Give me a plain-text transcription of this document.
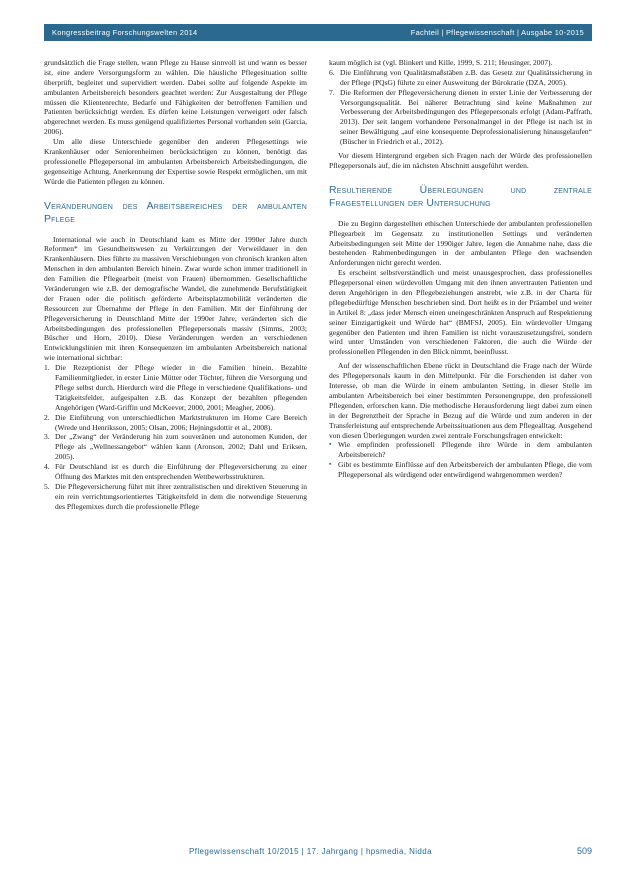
Kongressbeitrag Forschungswelten 2014	Fachteil | Pflegewissenschaft | Ausgabe 10-2015

grundsätzlich die Frage stellen, wann Pflege zu Hause sinnvoll ist und wann es besser ist, eine andere Versorgungsform zu wählen. Die häusliche Pflegesituation sollte überprüft, begleitet und supervidiert werden. Dabei sollte auf folgende Aspekte im ambulanten Arbeitsbereich besonders geachtet werden: Zur Ausgestaltung der Pflege müssen die Klientenrechte, Bedarfe und Fähigkeiten der betroffenen Familien und Patienten berücksichtigt werden. Es dürfen keine Leistungen verweigert oder falsch abgerechnet werden. Es muss genügend qualifiziertes Personal vorhanden sein (Garcia, 2006).

Um alle diese Unterschiede gegenüber den anderen Pflegesettings wie Krankenhäuser oder Seniorenheimen berücksichtigen zu können, benötigt das professionelle Pflegepersonal im ambulanten Arbeitsbereich Arbeitsbedingungen, die gegenseitige Achtung, Anerkennung der Expertise sowie Respekt ermöglichen, um mit Würde die Patienten pflegen zu können.

Veränderungen des Arbeitsbereiches der ambulanten Pflege

International wie auch in Deutschland kam es Mitte der 1990er Jahre durch Reformen* im Gesundheitswesen zu Verkürzungen der Verweildauer in den Krankenhäusern. Dies führte zu massiven Verschiebungen von chronisch kranken alten Menschen in den ambulanten Bereich hinein. Zwar wurde schon immer traditionell in den Familien die Pflegearbeit (meist von Frauen) übernommen. Gesellschaftliche Veränderungen wie z.B. der demografische Wandel, die zunehmende Berufstätigkeit der Frauen oder die politisch geförderte Arbeitsplatzmobilität veränderten die Ressourcen zur Übernahme der Pflege in den Familien. Mit der Einführung der Pflegeversicherung in Deutschland Mitte der 1990er Jahre, veränderten sich die Arbeitsbedingungen des professionellen Pflegepersonals massiv (Simms, 2003; Büscher und Horn, 2010). Diese Veränderungen werden an verschiedenen Entwicklungslinien mit ihren Konsequenzen im ambulanten Arbeitsbereich national wie international sichtbar:

Die Rezeptionist der Pflege wieder in die Familien hinein. Bezahlte Familienmitglieder, in erster Linie Mütter oder Töchter, führen die Versorgung und Pflege selbst durch. Hierdurch wird die Pflege in verschiedene Qualifikations- und Tätigkeitsfelder, aufgespalten z.B. das Konzept der bezahlten pflegenden Angehörigen (Ward-Griffin und McKeever, 2000, 2001; Meagher, 2006).
Die Einführung von unterschiedlichen Marktstrukturen im Home Care Bereich (Wrede und Henriksson, 2005; Olsan, 2006; Hejningsdottir et al., 2008).
Der „Zwang“ der Veränderung hin zum souveränen und autonomen Kunden, der Pflege als „Wellnessangebot“ wählen kann (Aronson, 2002; Dahl und Eriksen, 2005).
Für Deutschland ist es durch die Einführung der Pflegeversicherung zu einer Öffnung des Marktes mit den entsprechenden Wettbewerbsstrukturen.
Die Pflegeversicherung führt mit ihrer zentralistischen und direktiven Steuerung in ein rein verrichtungsorientiertes Tätigkeitsfeld in dem die notwendige Steuerung des Pflegemixes durch die professionelle Pflege

kaum möglich ist (vgl. Blinkert und Kille, 1999, S. 211; Heusinger, 2007).

Die Einführung von Qualitätsmaßstäben z.B. das Gesetz zur Qualitätssicherung in der Pflege (PQsG) führte zu einer Ausweitung der Bürokratie (DZA, 2005).
Die Reformen der Pflegeversicherung dienen in erster Linie der Verbesserung der Versorgungsqualität. Bei näherer Betrachtung sind keine Maßnahmen zur Verbesserung der Arbeitsbedingungen des Pflegepersonals erfolgt (Adam-Paffrath, 2013). Der seit langem vorhandene Personalmangel in der Pflege ist nach ist in seiner Bewältigung „auf eine konsequente Deprofessionalisierung hinausgelaufen“ (Büscher in Friedrich et al., 2012).

Vor diesem Hintergrund ergeben sich Fragen nach der Würde des professionellen Pflegepersonals auf, die im nächsten Abschnitt ausgeführt werden.

Resultierende Überlegungen und zentrale Fragestellungen der Untersuchung

Die zu Beginn dargestellten ethischen Unterschiede der ambulanten professionellen Pflegearbeit im Gegensatz zu institutionellen Settings und veränderten Arbeitsbedingungen seit Mitte der 1990iger Jahre, legen die Annahme nahe, dass die bestehenden Rahmenbedingungen in der ambulanten Pflege den wachsenden Anforderungen nicht gerecht werden.

Es erscheint selbstverständlich und meist unausgesprochen, dass professionelles Pflegepersonal einen würdevollen Umgang mit den ihnen anvertrauten Patienten und deren Angehörigen in den Pflegebeziehungen anstrebt, wie z.B. in der Charta für pflegebedürftige Menschen beschrieben sind. Dort heißt es in der Präambel und weiter in Artikel 8: „dass jeder Mensch einen uneingeschränkten Anspruch auf Respektierung seiner Einzigartigkeit und Würde hat“ (BMFSJ, 2005). Ein würdevoller Umgang gegenüber den Patienten und ihren Familien ist nicht vorauszusetzungsfrei, sondern wird unter Umständen von verschiedenen Faktoren, die auch die Würde der professionellen Pflegenden in den Blick nimmt, beeinflusst.

Auf der wissenschaftlichen Ebene rückt in Deutschland die Frage nach der Würde des Pflegepersonals kaum in den Mittelpunkt. Für die Forschenden ist daher von Interesse, ob man die Würde in einem ambulanten Setting, in dieser Stelle im ambulanten Arbeitsbereich bei einer bestimmten Personengruppe, den professionell Pflegenden, erforschen kann. Die methodische Herausforderung liegt dabei zum einen in der Begrenztheit der Sprache in Bezug auf die Würde und zum anderen in der Transferleistung auf entsprechende Arbeitssituationen aus dem Pflegealltag. Ausgehend von diesen Überlegungen wurden zwei zentrale Forschungsfragen entwickelt:

▪ Wie empfinden professionell Pflegende ihre Würde in dem ambulanten Arbeitsbereich?
▪ Gibt es bestimmte Einflüsse auf den Arbeitsbereich der ambulanten Pflege, die vom Pflegepersonal als würdigend oder entwürdigend wahrgenommen werden?
Pflegewissenschaft 10/2015 | 17. Jahrgang | hpsmedia, Nidda	509
